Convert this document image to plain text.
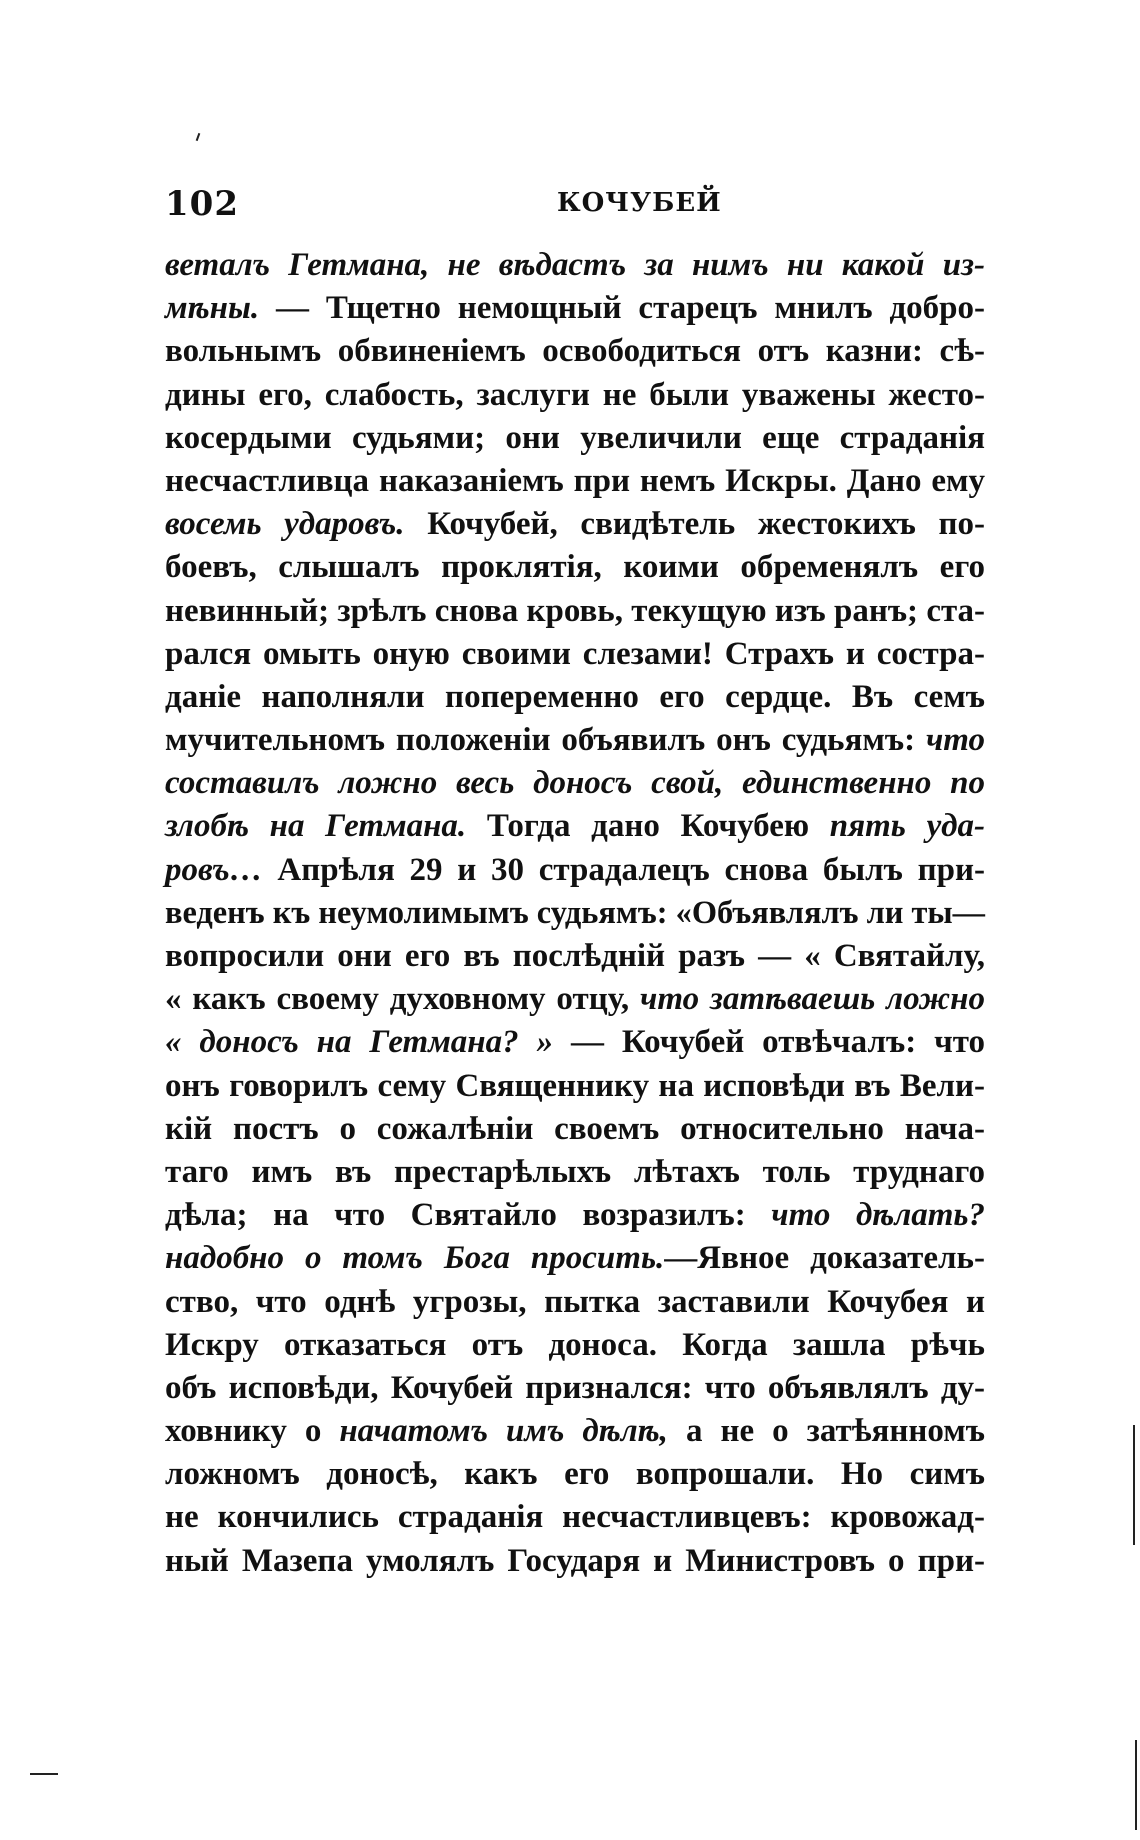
102	КОЧУБЕЙ
веталъ Гетмана, не вѣдастъ за нимъ ни какой из-
мѣны. — Тщетно немощный старецъ мнилъ добро-
вольнымъ обвиненіемъ освободиться отъ казни: сѣ-
дины его, слабость, заслуги не были уважены жесто-
косердыми судьями; они увеличили еще страданія
несчастливца наказаніемъ при немъ Искры. Дано ему
восемь ударовъ. Кочубей, свидѣтель жестокихъ по-
боевъ, слышалъ проклятія, коими обременялъ его
невинный; зрѣлъ снова кровь, текущую изъ ранъ; ста-
рался омыть оную своими слезами! Страхъ и состра-
даніе наполняли попеременно его сердце. Въ семъ
мучительномъ положеніи объявилъ онъ судьямъ: что
составилъ ложно весь доносъ свой, единственно по
злобѣ на Гетмана. Тогда дано Кочубею пять уда-
ровъ… Апрѣля 29 и 30 страдалецъ снова былъ при-
веденъ къ неумолимымъ судьямъ: «Объявлялъ ли ты—
вопросили они его въ послѣдній разъ — « Святайлу,
« какъ своему духовному отцу, что затѣваешь ложно
« доносъ на Гетмана? » — Кочубей отвѣчалъ: что
онъ говорилъ сему Священнику на исповѣди въ Вели-
кій постъ о сожалѣніи своемъ относительно нача-
таго имъ въ престарѣлыхъ лѣтахъ толь труднаго
дѣла; на что Святайло возразилъ: что дѣлать?
надобно о томъ Бога просить.—Явное доказатель-
ство, что однѣ угрозы, пытка заставили Кочубея и
Искру отказаться отъ доноса. Когда зашла рѣчь
объ исповѣди, Кочубей признался: что объявлялъ ду-
ховнику о начатомъ имъ дѣлѣ, а не о затѣянномъ
ложномъ доносѣ, какъ его вопрошали. Но симъ
не кончились страданія несчастливцевъ: кровожад-
ный Мазепа умолялъ Государя и Министровъ о при-
